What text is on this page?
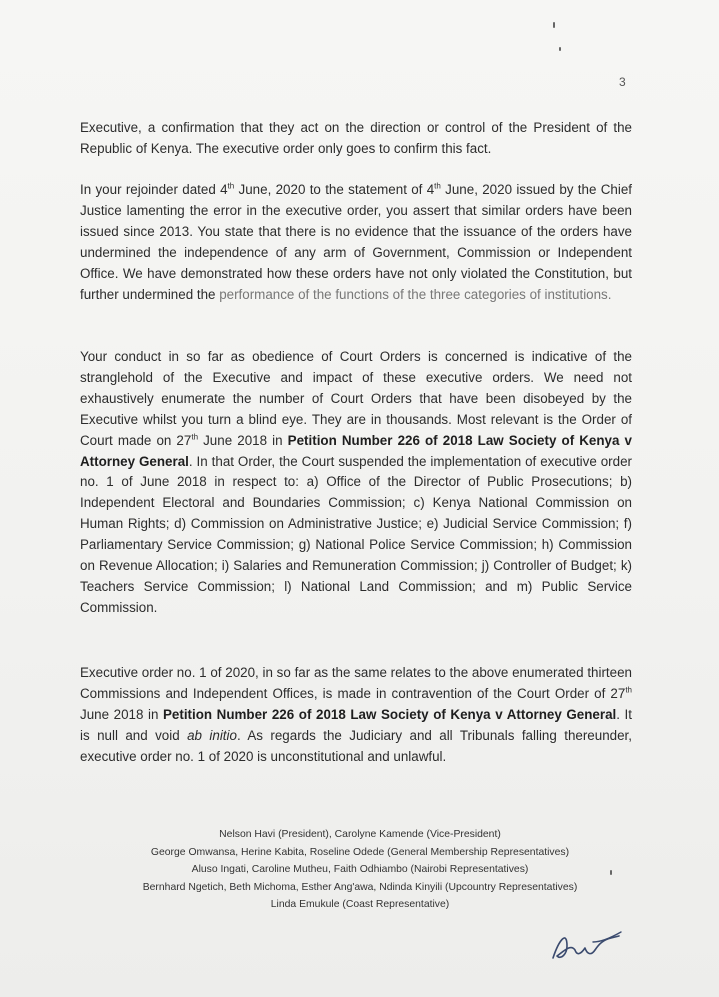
3

Executive, a confirmation that they act on the direction or control of the President of the Republic of Kenya. The executive order only goes to confirm this fact.

In your rejoinder dated 4th June, 2020 to the statement of 4th June, 2020 issued by the Chief Justice lamenting the error in the executive order, you assert that similar orders have been issued since 2013. You state that there is no evidence that the issuance of the orders have undermined the independence of any arm of Government, Commission or Independent Office. We have demonstrated how these orders have not only violated the Constitution, but further undermined the performance of the functions of the three categories of institutions.

Your conduct in so far as obedience of Court Orders is concerned is indicative of the stranglehold of the Executive and impact of these executive orders. We need not exhaustively enumerate the number of Court Orders that have been disobeyed by the Executive whilst you turn a blind eye. They are in thousands. Most relevant is the Order of Court made on 27th June 2018 in Petition Number 226 of 2018 Law Society of Kenya v Attorney General. In that Order, the Court suspended the implementation of executive order no. 1 of June 2018 in respect to: a) Office of the Director of Public Prosecutions; b) Independent Electoral and Boundaries Commission; c) Kenya National Commission on Human Rights; d) Commission on Administrative Justice; e) Judicial Service Commission; f) Parliamentary Service Commission; g) National Police Service Commission; h) Commission on Revenue Allocation; i) Salaries and Remuneration Commission; j) Controller of Budget; k) Teachers Service Commission; l) National Land Commission; and m) Public Service Commission.

Executive order no. 1 of 2020, in so far as the same relates to the above enumerated thirteen Commissions and Independent Offices, is made in contravention of the Court Order of 27th June 2018 in Petition Number 226 of 2018 Law Society of Kenya v Attorney General. It is null and void ab initio. As regards the Judiciary and all Tribunals falling thereunder, executive order no. 1 of 2020 is unconstitutional and unlawful.

Nelson Havi (President), Carolyne Kamende (Vice-President)
George Omwansa, Herine Kabita, Roseline Odede (General Membership Representatives)
Aluso Ingati, Caroline Mutheu, Faith Odhiambo (Nairobi Representatives)
Bernhard Ngetich, Beth Michoma, Esther Ang'awa, Ndinda Kinyili (Upcountry Representatives)
Linda Emukule (Coast Representative)
